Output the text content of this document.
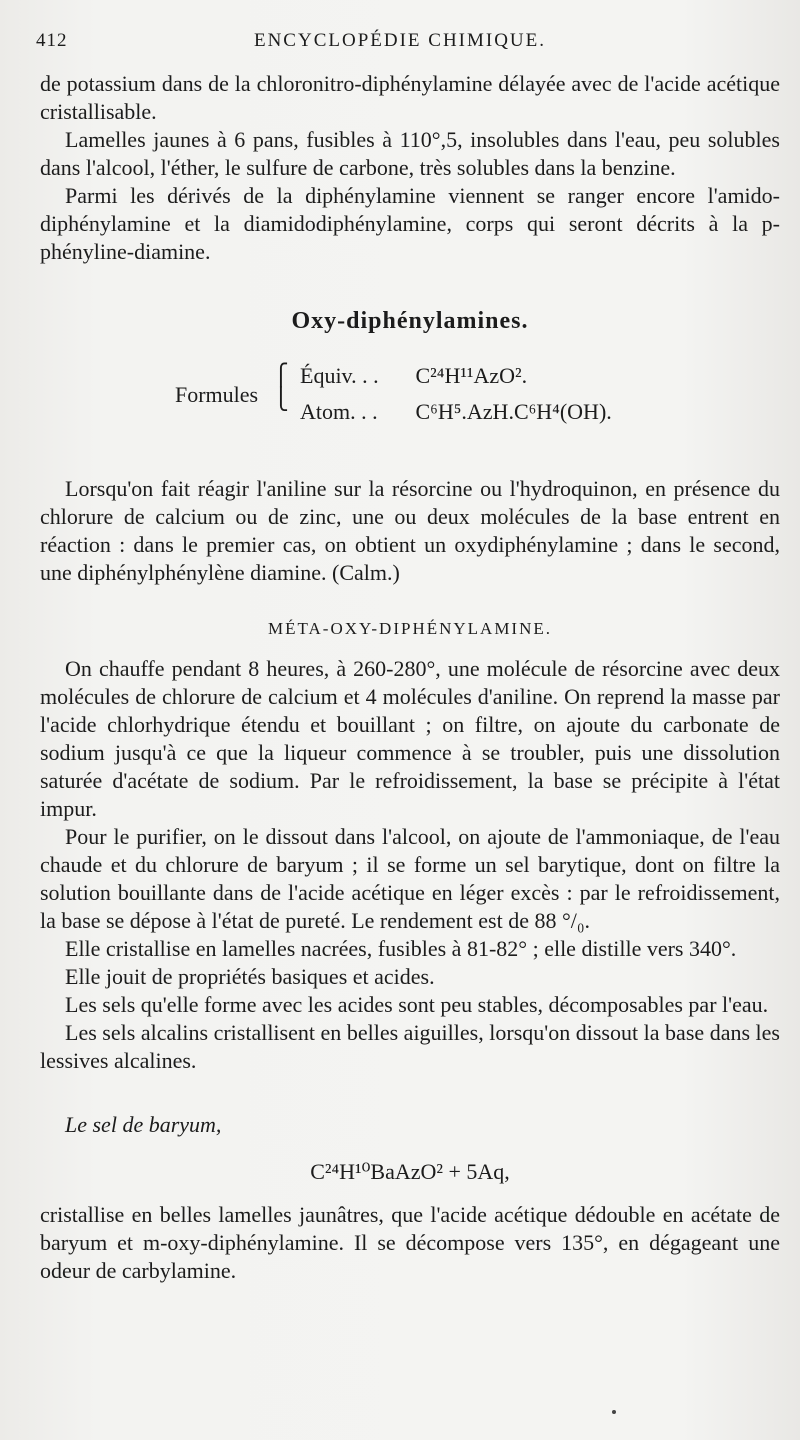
412	ENCYCLOPÉDIE CHIMIQUE.

de potassium dans de la chloronitro-diphénylamine délayée avec de l'acide acétique cristallisable.

Lamelles jaunes à 6 pans, fusibles à 110°,5, insolubles dans l'eau, peu solubles dans l'alcool, l'éther, le sulfure de carbone, très solubles dans la benzine.

Parmi les dérivés de la diphénylamine viennent se ranger encore l'amido-diphénylamine et la diamidodiphénylamine, corps qui seront décrits à la p-phényline-diamine.

Oxy-diphénylamines.
Formules
⎧
⎩
Équiv. . . C²⁴H¹¹AzO².
Atom. . . C⁶H⁵.AzH.C⁶H⁴(OH).

Lorsqu'on fait réagir l'aniline sur la résorcine ou l'hydroquinon, en présence du chlorure de calcium ou de zinc, une ou deux molécules de la base entrent en réaction : dans le premier cas, on obtient un oxydiphénylamine ; dans le second, une diphénylphénylène diamine. (Calm.)

MÉTA-OXY-DIPHÉNYLAMINE.

On chauffe pendant 8 heures, à 260-280°, une molécule de résorcine avec deux molécules de chlorure de calcium et 4 molécules d'aniline. On reprend la masse par l'acide chlorhydrique étendu et bouillant ; on filtre, on ajoute du carbonate de sodium jusqu'à ce que la liqueur commence à se troubler, puis une dissolution saturée d'acétate de sodium. Par le refroidissement, la base se précipite à l'état impur.

Pour le purifier, on le dissout dans l'alcool, on ajoute de l'ammoniaque, de l'eau chaude et du chlorure de baryum ; il se forme un sel barytique, dont on filtre la solution bouillante dans de l'acide acétique en léger excès : par le refroidissement, la base se dépose à l'état de pureté. Le rendement est de 88 °/₀.

Elle cristallise en lamelles nacrées, fusibles à 81-82° ; elle distille vers 340°.

Elle jouit de propriétés basiques et acides.

Les sels qu'elle forme avec les acides sont peu stables, décomposables par l'eau.

Les sels alcalins cristallisent en belles aiguilles, lorsqu'on dissout la base dans les lessives alcalines.

Le sel de baryum,

C²⁴H¹⁰BaAzO² + 5Aq,

cristallise en belles lamelles jaunâtres, que l'acide acétique dédouble en acétate de baryum et m-oxy-diphénylamine. Il se décompose vers 135°, en dégageant une odeur de carbylamine.
